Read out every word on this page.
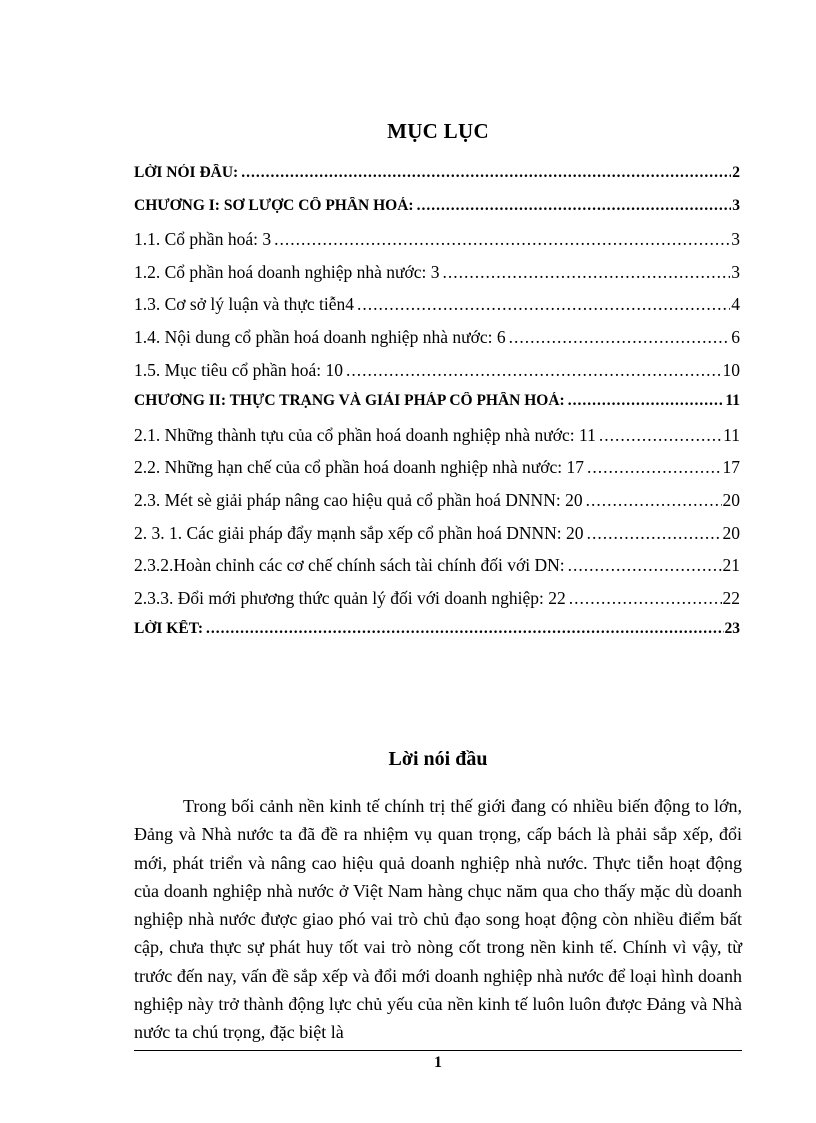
MỤC LỤC
LỜI NÓI ĐẦU: .....	2
CHƯƠNG I: SƠ LƯỢC CỔ PHẦN HOÁ: .....	3
1.1. Cổ phần hoá: 3 .....	3
1.2. Cổ phần hoá doanh nghiệp nhà nước: 3 .....	3
1.3. Cơ sở lý luận và thực tiễn4 .....	4
1.4. Nội dung cổ phần hoá doanh nghiệp nhà nước: 6 .....	6
1.5. Mục tiêu cổ phần hoá: 10 .....	10
CHƯƠNG II: THỰC TRẠNG VÀ GIẢI PHÁP CỔ PHẦN HOÁ: .....	11
2.1. Những thành tựu của cổ phần hoá doanh nghiệp nhà nước: 11 .....	11
2.2. Những hạn chế của cổ phần hoá doanh nghiệp nhà nước: 17 .....	17
2.3. Mét sè giải pháp nâng cao hiệu quả cổ phần hoá DNNN: 20 .....	20
2. 3. 1. Các giải pháp đẩy mạnh sắp xếp cổ phần hoá DNNN: 20 .....	20
2.3.2.Hoàn chỉnh các cơ chế chính sách tài chính đối với DN: .....	21
2.3.3. Đổi mới phương thức quản lý đối với doanh nghiệp: 22 .....	22
LỜI KẾT: .....	23
Lời nói đầu

Trong bối cảnh nền kinh tế chính trị thế giới đang có nhiều biến động to lớn, Đảng và Nhà nước ta đã đề ra nhiệm vụ quan trọng, cấp bách là phải sắp xếp, đổi mới, phát triển và nâng cao hiệu quả doanh nghiệp nhà nước. Thực tiễn hoạt động của doanh nghiệp nhà nước ở Việt Nam hàng chục năm qua cho thấy mặc dù doanh nghiệp nhà nước được giao phó vai trò chủ đạo song hoạt động còn nhiều điểm bất cập, chưa thực sự phát huy tốt vai trò nòng cốt trong nền kinh tế. Chính vì vậy, từ trước đến nay, vấn đề sắp xếp và đổi mới doanh nghiệp nhà nước để loại hình doanh nghiệp này trở thành động lực chủ yếu của nền kinh tế luôn luôn được Đảng và Nhà nước ta chú trọng, đặc biệt là

1
